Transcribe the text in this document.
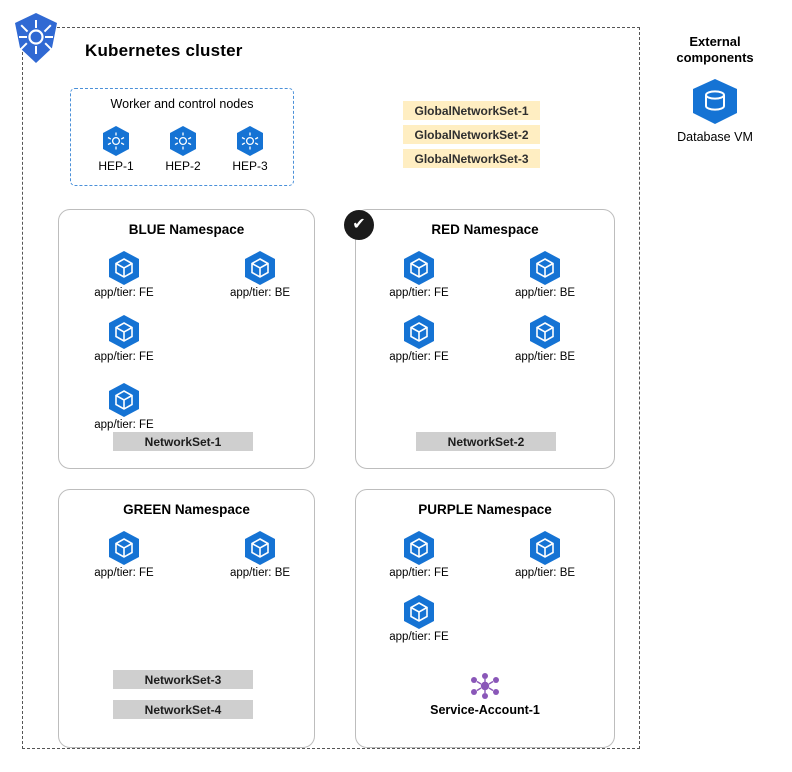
Kubernetes cluster
Worker and control nodes
HEP-1	HEP-2	HEP-3
GlobalNetworkSet-1
GlobalNetworkSet-2
GlobalNetworkSet-3
External
components
Database VM
BLUE Namespace
app/tier: FE	app/tier: BE
app/tier: FE
app/tier: FE
NetworkSet-1
RED Namespace
app/tier: FE	app/tier: BE
app/tier: FE	app/tier: BE
NetworkSet-2
✔
GREEN Namespace
app/tier: FE	app/tier: BE
NetworkSet-3
NetworkSet-4
PURPLE Namespace
app/tier: FE	app/tier: BE
app/tier: FE
Service-Account-1
